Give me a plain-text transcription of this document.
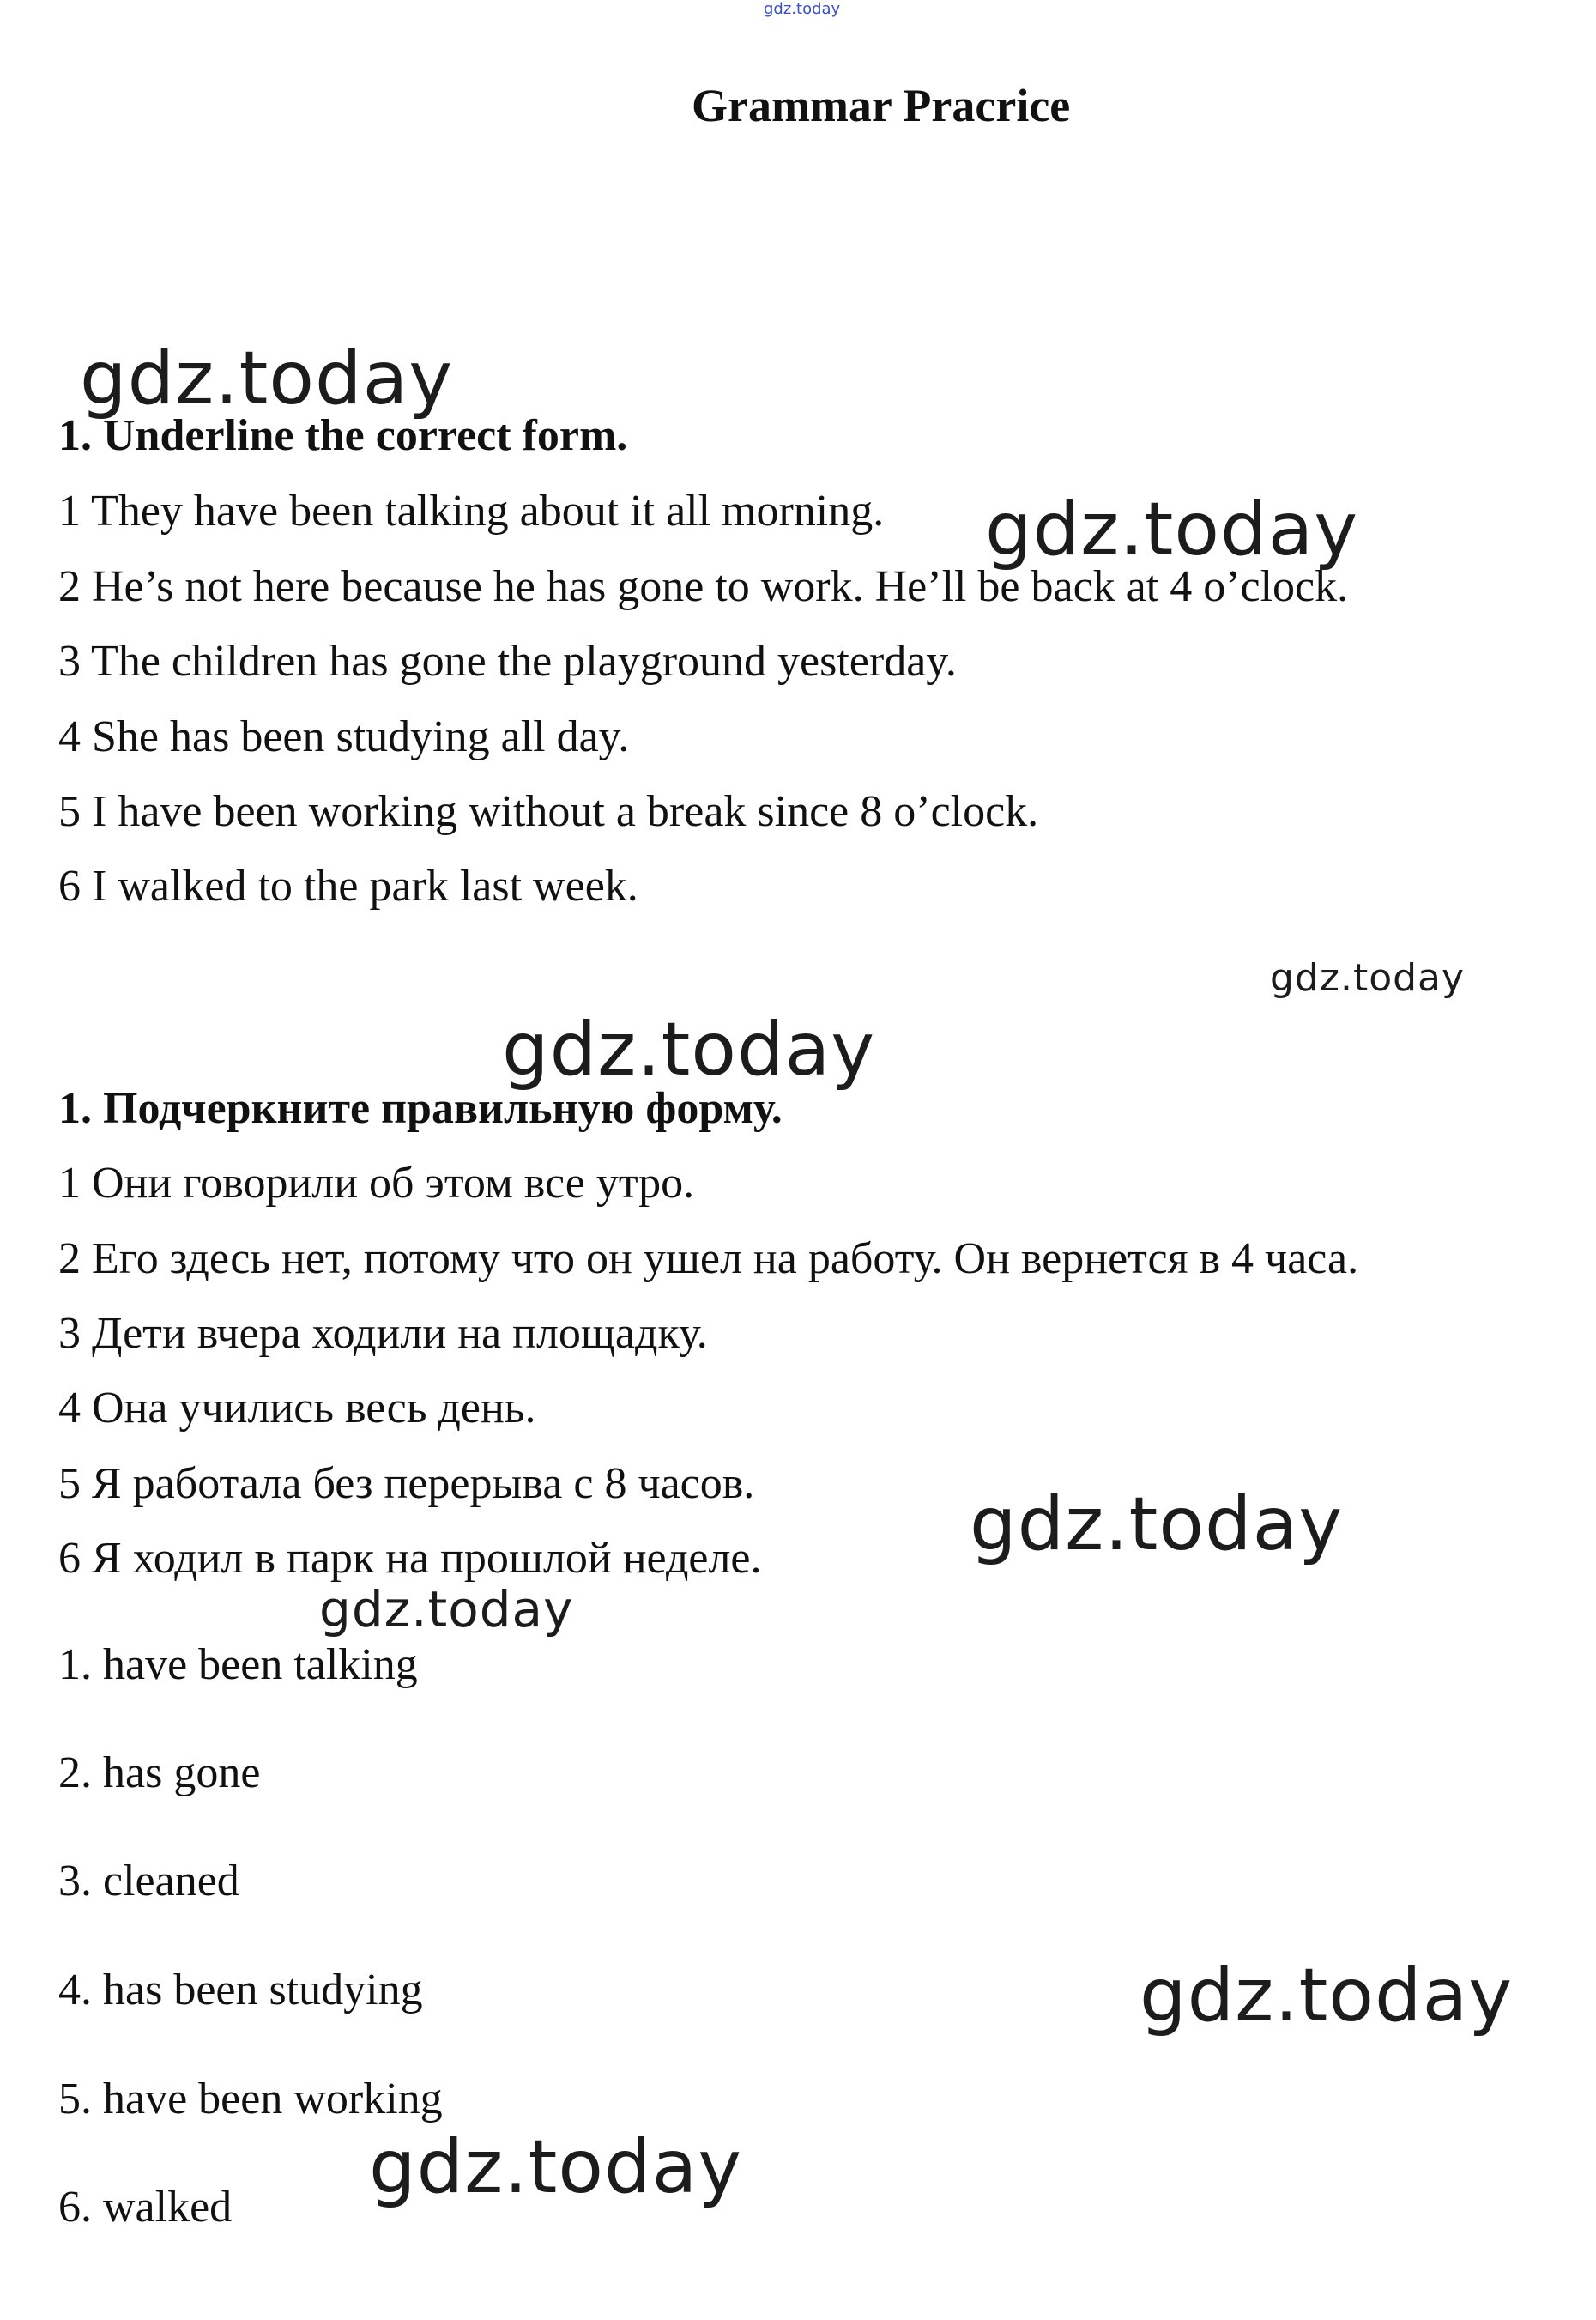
gdz.today
gdz.today
gdz.today
gdz.today
gdz.today
gdz.today
gdz.today
gdz.today
gdz.today
Grammar Pracrice
1. Underline the correct form.
1 They have been talking about it all morning.
2 He’s not here because he has gone to work. He’ll be back at 4 o’clock.
3 The children has gone the playground yesterday.
4 She has been studying all day.
5 I have been working without a break since 8 o’clock.
6 I walked to the park last week.
1. Подчеркните правильную форму.
1 Они говорили об этом все утро.
2 Его здесь нет, потому что он ушел на работу. Он вернется в 4 часа.
3 Дети вчера ходили на площадку.
4 Она учились весь день.
5 Я работала без перерыва с 8 часов.
6 Я ходил в парк на прошлой неделе.
1. have been talking
2. has gone
3. cleaned
4. has been studying
5. have been working
6. walked
